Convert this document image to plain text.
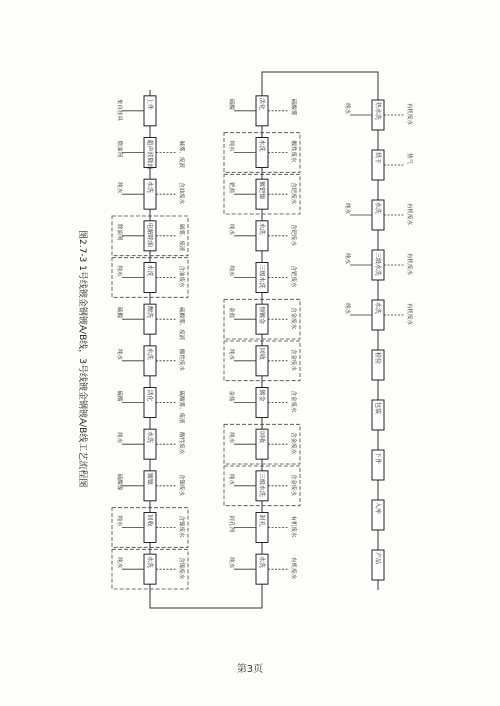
图2.7-3 1号线镀金钢镀A/B线，3号线镀金钢镀A/B线工艺流程图
上件
来自挂具
超声波除油
除油剂	碱雾、废液
水洗
纯水	含油废水
电解除油
除油剂	碱雾、废液
水洗
纯水	含油废水
酸洗
硫酸	硫酸雾、废液
水洗
纯水	酸性废水
活化
硫酸	硫酸雾、废液
水洗
纯水	酸性废水
镀镍
硫酸镍	含镍废水
回收
纯水	含镍废水
水洗
纯水	含镍废水
活化
硫酸	硫酸雾
水洗
纯水	酸性废水
镀钯镍
钯盐	含钯废水
水洗
纯水	含钯废水
三级水洗
纯水	含钯废水
预镀金
金盐	含金废水
回收
纯水	含金废水
镀金
金盐	含金废水
回收
纯水	含金废水
三级水洗
纯水	含金废水
封孔
封孔剂	有机废水
水洗
纯水	有机废水
热水洗
纯水	有机废水
烘干	热气
水洗
纯水	有机废水
三级水洗
纯水	有机废水
水洗
纯水	有机废水
检验
包装
下件
入库
产品
第3页
